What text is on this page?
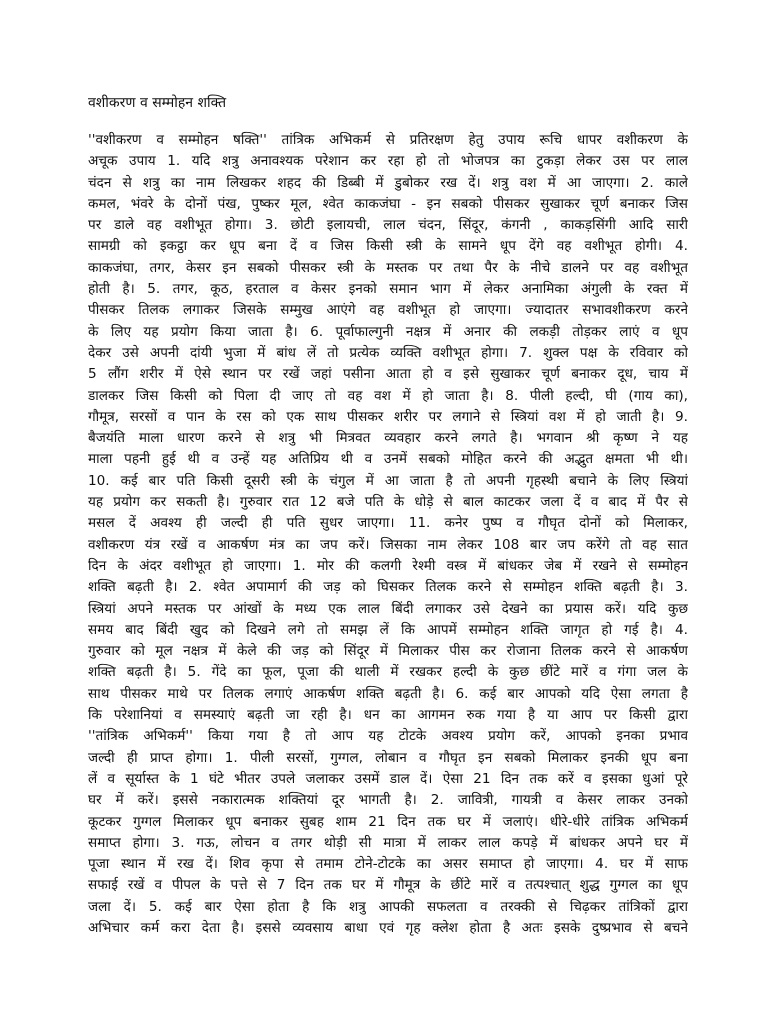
वशीकरण व सम्मोहन शक्ति
''वशीकरण व सम्मोहन षक्ति'' तांत्रिक अभिकर्म से प्रतिरक्षण हेतु उपाय रूचि धापर वशीकरण के
अचूक उपाय 1. यदि शत्रु अनावश्यक परेशान कर रहा हो तो भोजपत्र का टुकड़ा लेकर उस पर लाल
चंदन से शत्रु का नाम लिखकर शहद की डिब्बी में डुबोकर रख दें। शत्रु वश में आ जाएगा। 2. काले
कमल, भंवरे के दोनों पंख, पुष्कर मूल, श्वेत काकजंघा - इन सबको पीसकर सुखाकर चूर्ण बनाकर जिस
पर डाले वह वशीभूत होगा। 3. छोटी इलायची, लाल चंदन, सिंदूर, कंगनी , काकड़सिंगी आदि सारी
सामग्री को इकट्ठा कर धूप बना दें व जिस किसी स्त्री के सामने धूप देंगे वह वशीभूत होगी। 4.
काकजंघा, तगर, केसर इन सबको पीसकर स्त्री के मस्तक पर तथा पैर के नीचे डालने पर वह वशीभूत
होती है। 5. तगर, कूठ, हरताल व केसर इनको समान भाग में लेकर अनामिका अंगुली के रक्त में
पीसकर तिलक लगाकर जिसके सम्मुख आएंगे वह वशीभूत हो जाएगा। ज्यादातर सभावशीकरण करने
के लिए यह प्रयोग किया जाता है। 6. पूर्वाफाल्गुनी नक्षत्र में अनार की लकड़ी तोड़कर लाएं व धूप
देकर उसे अपनी दांयी भुजा में बांध लें तो प्रत्येक व्यक्ति वशीभूत होगा। 7. शुक्ल पक्ष के रविवार को
5 लौंग शरीर में ऐसे स्थान पर रखें जहां पसीना आता हो व इसे सुखाकर चूर्ण बनाकर दूध, चाय में
डालकर जिस किसी को पिला दी जाए तो वह वश में हो जाता है। 8. पीली हल्दी, घी (गाय का),
गौमूत्र, सरसों व पान के रस को एक साथ पीसकर शरीर पर लगाने से स्त्रियां वश में हो जाती है। 9.
बैजयंति माला धारण करने से शत्रु भी मित्रवत व्यवहार करने लगते है। भगवान श्री कृष्ण ने यह
माला पहनी हुई थी व उन्हें यह अतिप्रिय थी व उनमें सबको मोहित करने की अद्भुत क्षमता भी थी।
10. कई बार पति किसी दूसरी स्त्री के चंगुल में आ जाता है तो अपनी गृहस्थी बचाने के लिए स्त्रियां
यह प्रयोग कर सकती है। गुरुवार रात 12 बजे पति के धोड़े से बाल काटकर जला दें व बाद में पैर से
मसल दें अवश्य ही जल्दी ही पति सुधर जाएगा। 11. कनेर पुष्प व गौघृत दोनों को मिलाकर,
वशीकरण यंत्र रखें व आकर्षण मंत्र का जप करें। जिसका नाम लेकर 108 बार जप करेंगे तो वह सात
दिन के अंदर वशीभूत हो जाएगा। 1. मोर की कलगी रेश्मी वस्त्र में बांधकर जेब में रखने से सम्मोहन
शक्ति बढ़ती है। 2. श्वेत अपामार्ग की जड़ को घिसकर तिलक करने से सम्मोहन शक्ति बढ़ती है। 3.
स्त्रियां अपने मस्तक पर आंखों के मध्य एक लाल बिंदी लगाकर उसे देखने का प्रयास करें। यदि कुछ
समय बाद बिंदी खुद को दिखने लगे तो समझ लें कि आपमें सम्मोहन शक्ति जागृत हो गई है। 4.
गुरुवार को मूल नक्षत्र में केले की जड़ को सिंदूर में मिलाकर पीस कर रोजाना तिलक करने से आकर्षण
शक्ति बढ़ती है। 5. गेंदे का फूल, पूजा की थाली में रखकर हल्दी के कुछ छींटे मारें व गंगा जल के
साथ पीसकर माथे पर तिलक लगाएं आकर्षण शक्ति बढ़ती है। 6. कई बार आपको यदि ऐसा लगता है
कि परेशानियां व समस्याएं बढ़ती जा रही है। धन का आगमन रुक गया है या आप पर किसी द्वारा
''तांत्रिक अभिकर्म'' किया गया है तो आप यह टोटके अवश्य प्रयोग करें, आपको इनका प्रभाव
जल्दी ही प्राप्त होगा। 1. पीली सरसों, गुग्गल, लोबान व गौघृत इन सबको मिलाकर इनकी धूप बना
लें व सूर्यास्त के 1 घंटे भीतर उपले जलाकर उसमें डाल दें। ऐसा 21 दिन तक करें व इसका धुआं पूरे
घर में करें। इससे नकारात्मक शक्तियां दूर भागती है। 2. जावित्री, गायत्री व केसर लाकर उनको
कूटकर गुग्गल मिलाकर धूप बनाकर सुबह शाम 21 दिन तक घर में जलाएं। धीरे-धीरे तांत्रिक अभिकर्म
समाप्त होगा। 3. गऊ, लोचन व तगर थोड़ी सी मात्रा में लाकर लाल कपड़े में बांधकर अपने घर में
पूजा स्थान में रख दें। शिव कृपा से तमाम टोने-टोटके का असर समाप्त हो जाएगा। 4. घर में साफ
सफाई रखें व पीपल के पत्ते से 7 दिन तक घर में गौमूत्र के छींटे मारें व तत्पश्चात् शुद्ध गुग्गल का धूप
जला दें। 5. कई बार ऐसा होता है कि शत्रु आपकी सफलता व तरक्की से चिढ़कर तांत्रिकों द्वारा
अभिचार कर्म करा देता है। इससे व्यवसाय बाधा एवं गृह क्लेश होता है अतः इसके दुष्प्रभाव से बचने
